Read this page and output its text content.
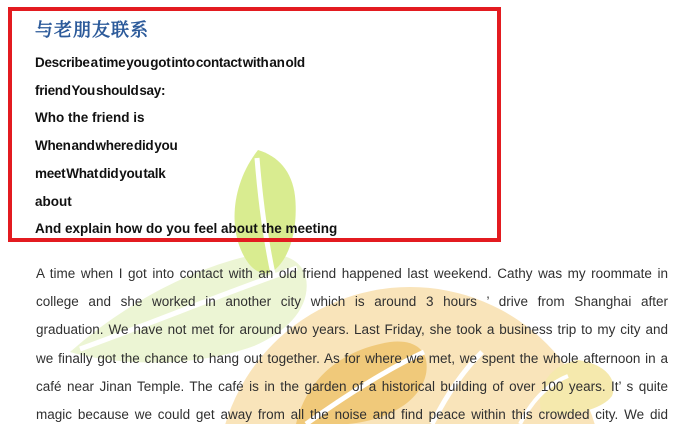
与老朋友联系
Describe a time you got into contact with an old
friend You should say:
Who the friend is
When and where did you
meet What did you talk
about
And explain how do you feel about the meeting
A time when I got into contact with an old friend happened last weekend. Cathy was my roommate in
college and she worked in another city which is around 3 hours ’ drive from Shanghai after
graduation. We have not met for around two years. Last Friday, she took a business trip to my city and
we finally got the chance to hang out together. As for where we met, we spent the whole afternoon in a
café near Jinan Temple. The café is in the garden of a historical building of over 100 years. It’ s quite
magic because we could get away from all the noise and find peace within this crowded city. We did
